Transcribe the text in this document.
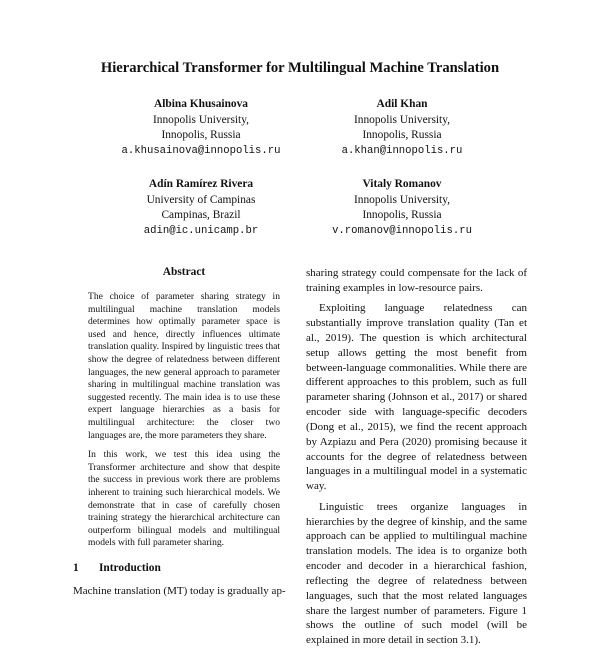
Hierarchical Transformer for Multilingual Machine Translation
Albina Khusainova
Innopolis University,
Innopolis, Russia
a.khusainova@innopolis.ru
Adil Khan
Innopolis University,
Innopolis, Russia
a.khan@innopolis.ru
Adín Ramírez Rivera
University of Campinas
Campinas, Brazil
adin@ic.unicamp.br
Vitaly Romanov
Innopolis University,
Innopolis, Russia
v.romanov@innopolis.ru
Abstract

The choice of parameter sharing strategy in multilingual machine translation models determines how optimally parameter space is used and hence, directly influences ultimate translation quality. Inspired by linguistic trees that show the degree of relatedness between different languages, the new general approach to parameter sharing in multilingual machine translation was suggested recently. The main idea is to use these expert language hierarchies as a basis for multilingual architecture: the closer two languages are, the more parameters they share.

In this work, we test this idea using the Transformer architecture and show that despite the success in previous work there are problems inherent to training such hierarchical models. We demonstrate that in case of carefully chosen training strategy the hierarchical architecture can outperform bilingual models and multilingual models with full parameter sharing.

1 Introduction

Machine translation (MT) today is gradually ap-

sharing strategy could compensate for the lack of training examples in low-resource pairs.

Exploiting language relatedness can substantially improve translation quality (Tan et al., 2019). The question is which architectural setup allows getting the most benefit from between-language commonalities. While there are different approaches to this problem, such as full parameter sharing (Johnson et al., 2017) or shared encoder side with language-specific decoders (Dong et al., 2015), we find the recent approach by Azpiazu and Pera (2020) promising because it accounts for the degree of relatedness between languages in a multilingual model in a systematic way.

Linguistic trees organize languages in hierarchies by the degree of kinship, and the same approach can be applied to multilingual machine translation models. The idea is to organize both encoder and decoder in a hierarchical fashion, reflecting the degree of relatedness between languages, such that the most related languages share the largest number of parameters. Figure 1 shows the outline of such model (will be explained in more detail in section 3.1).
